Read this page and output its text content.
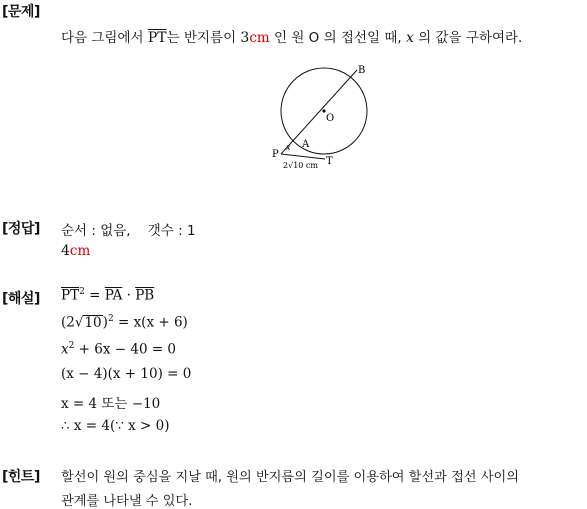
[문제]
다음 그림에서 $\overline{PT}$는 반지름이 3cm 인 원 O 의 접선일 때, x 의 값을 구하여라.
B
O
A
x
P
T
2√10 cm
[정답] 순서 : 없음,    갯수 : 1
4cm
[해설] $\overline{PT}^2 = \overline{PA} \cdot \overline{PB}$
$(2√10)^2 = x(x + 6)$
$x^2 + 6x - 40 = 0$
(x − 4)(x + 10) = 0
x = 4 또는 −10
∴ x = 4(∵ x > 0)
[힌트] 할선이 원의 중심을 지날 때, 원의 반지름의 길이를 이용하여 할선과 접선 사이의
관계를 나타낼 수 있다.
